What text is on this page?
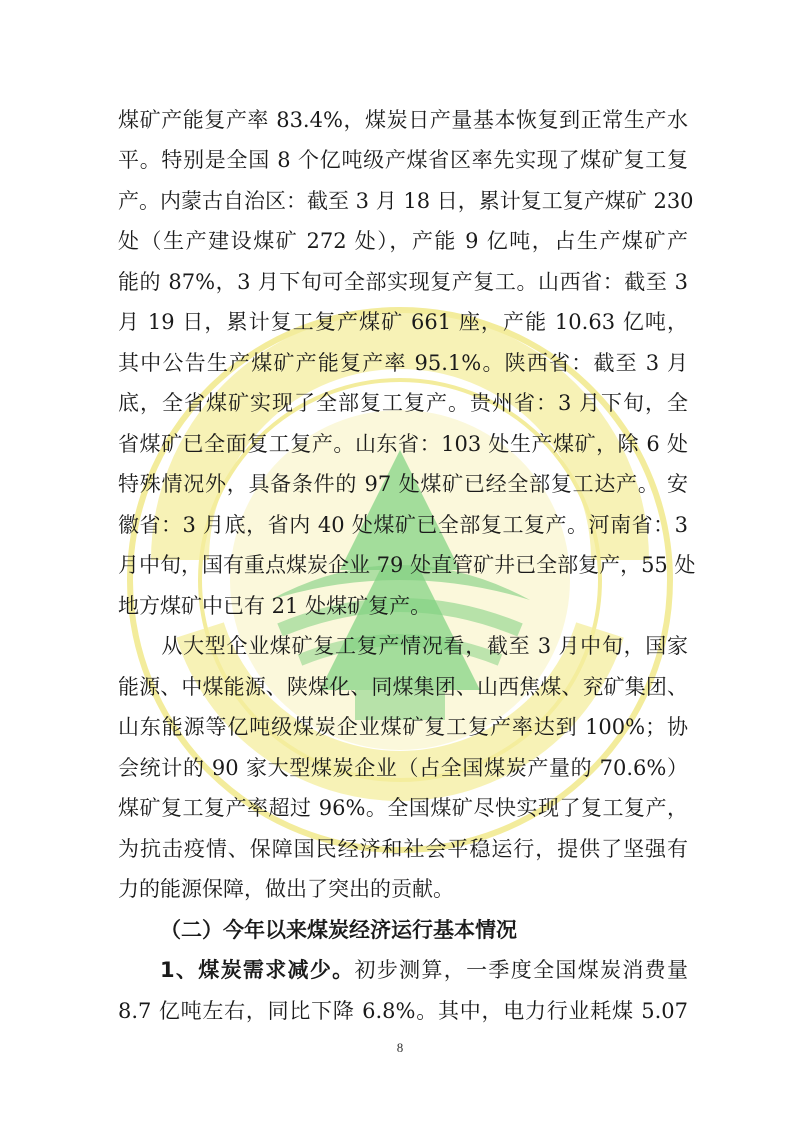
煤矿产能复产率 83.4%，煤炭日产量基本恢复到正常生产水
平。特别是全国 8 个亿吨级产煤省区率先实现了煤矿复工复
产。内蒙古自治区：截至 3 月 18 日，累计复工复产煤矿 230
处（生产建设煤矿 272 处），产能 9 亿吨，占生产煤矿产
能的 87%，3 月下旬可全部实现复产复工。山西省：截至 3
月 19 日，累计复工复产煤矿 661 座，产能 10.63 亿吨，
其中公告生产煤矿产能复产率 95.1%。陕西省：截至 3 月
底，全省煤矿实现了全部复工复产。贵州省：3 月下旬，全
省煤矿已全面复工复产。山东省：103 处生产煤矿，除 6 处
特殊情况外，具备条件的 97 处煤矿已经全部复工达产。 安
徽省：3 月底，省内 40 处煤矿已全部复工复产。河南省：3
月中旬，国有重点煤炭企业 79 处直管矿井已全部复产，55 处
地方煤矿中已有 21 处煤矿复产。
　　从大型企业煤矿复工复产情况看，截至 3 月中旬，国家
能源、中煤能源、陕煤化、同煤集团、山西焦煤、兖矿集团、
山东能源等亿吨级煤炭企业煤矿复工复产率达到 100%；协
会统计的 90 家大型煤炭企业（占全国煤炭产量的 70.6%）
煤矿复工复产率超过 96%。全国煤矿尽快实现了复工复产，
为抗击疫情、保障国民经济和社会平稳运行，提供了坚强有
力的能源保障，做出了突出的贡献。
（二）今年以来煤炭经济运行基本情况
1、煤炭需求减少。初步测算，一季度全国煤炭消费量
8.7 亿吨左右，同比下降 6.8%。其中，电力行业耗煤 5.07
8
